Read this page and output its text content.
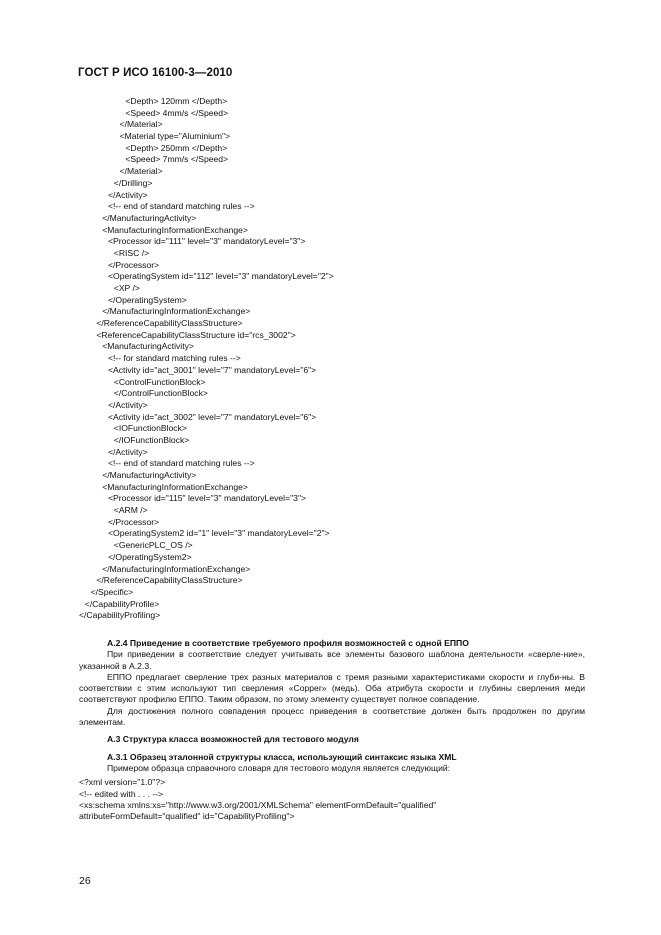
ГОСТ Р ИСО 16100-3—2010
<Depth> 120mm </Depth>
<Speed> 4mm/s </Speed>
</Material>
<Material type="Aluminium">
<Depth> 250mm </Depth>
<Speed> 7mm/s </Speed>
</Material>
</Drilling>
</Activity>
<!-- end of standard matching rules -->
</ManufacturingActivity>
<ManufacturingInformationExchange>
<Processor id="111" level="3" mandatoryLevel="3">
<RISC />
</Processor>
<OperatingSystem id="112" level="3" mandatoryLevel="2">
<XP />
</OperatingSystem>
</ManufacturingInformationExchange>
</ReferenceCapabilityClassStructure>
<ReferenceCapabilityClassStructure id="rcs_3002">
<ManufacturingActivity>
<!-- for standard matching rules -->
<Activity id="act_3001" level="7" mandatoryLevel="6">
<ControlFunctionBlock>
</ControlFunctionBlock>
</Activity>
<Activity id="act_3002" level="7" mandatoryLevel="6">
<IOFunctionBlock>
</IOFunctionBlock>
</Activity>
<!-- end of standard matching rules -->
</ManufacturingActivity>
<ManufacturingInformationExchange>
<Processor id="115" level="3" mandatoryLevel="3">
<ARM />
</Processor>
<OperatingSystem2 id="1" level="3" mandatoryLevel="2">
<GenericPLC_OS />
</OperatingSystem2>
</ManufacturingInformationExchange>
</ReferenceCapabilityClassStructure>
</Specific>
</CapabilityProfile>
</CapabilityProfiling>
А.2.4 Приведение в соответствие требуемого профиля возможностей с одной ЕППО
При приведении в соответствие следует учитывать все элементы базового шаблона деятельности «сверле-ние», указанной в А.2.3.
ЕППО предлагает сверление трех разных материалов с тремя разными характеристиками скорости и глуби-ны. В соответствии с этим используют тип сверления «Copper» (медь). Оба атрибута скорости и глубины сверления меди соответствуют профилю ЕППО. Таким образом, по этому элементу существует полное совпадение.
Для достижения полного совпадения процесс приведения в соответствие должен быть продолжен по другим элементам.
А.3 Структура класса возможностей для тестового модуля
А.3.1 Образец эталонной структуры класса, использующий синтаксис языка XML
Примером образца справочного словаря для тестового модуля является следующий:
<?xml version="1.0"?>
<!-- edited with . . . -->
<xs:schema xmlns:xs="http://www.w3.org/2001/XMLSchema" elementFormDefault="qualified"
attributeFormDefault="qualified" id="CapabilityProfiling">
26
